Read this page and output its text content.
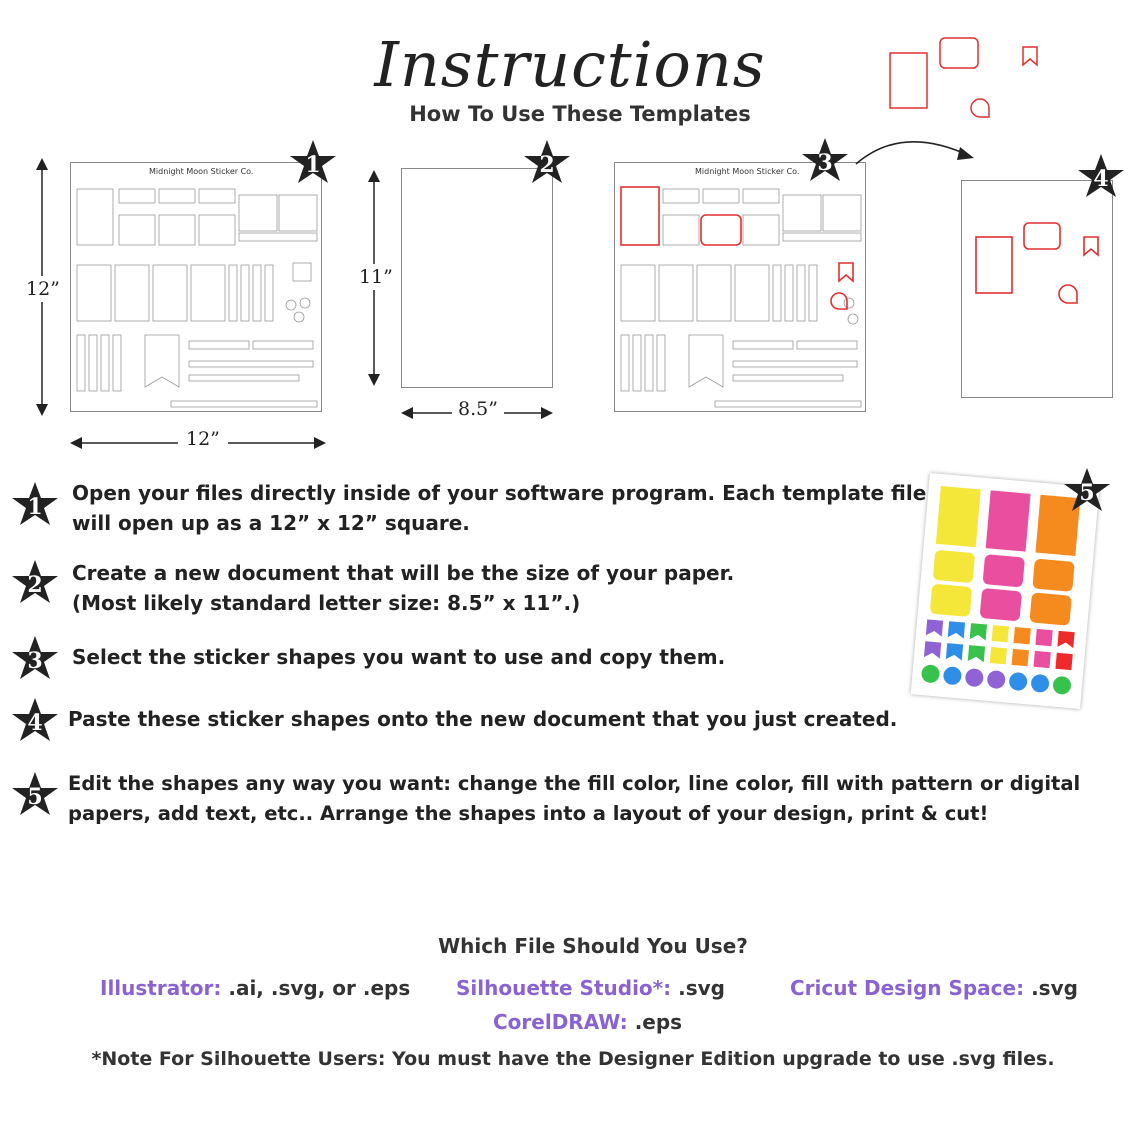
Instructions
How To Use These Templates
12”
Midnight Moon Sticker Co.
12”
11”
8.5”
Midnight Moon Sticker Co.
1	2	3
4
5
1
Open your files directly inside of your software program. Each template file will open up as a 12” x 12” square.
2 Create a new document that will be the size of your paper. (Most likely standard letter size: 8.5” x 11”.)
3 Select the sticker shapes you want to use and copy them.
4 Paste these sticker shapes onto the new document that you just created.
5
Edit the shapes any way you want: change the fill color, line color, fill with pattern or digital papers, add text, etc.. Arrange the shapes into a layout of your design, print & cut!
Which File Should You Use?
Illustrator: .ai, .svg, or .eps Silhouette Studio*: .svg	Cricut Design Space: .svg
CorelDRAW: .eps
*Note For Silhouette Users: You must have the Designer Edition upgrade to use .svg files.
